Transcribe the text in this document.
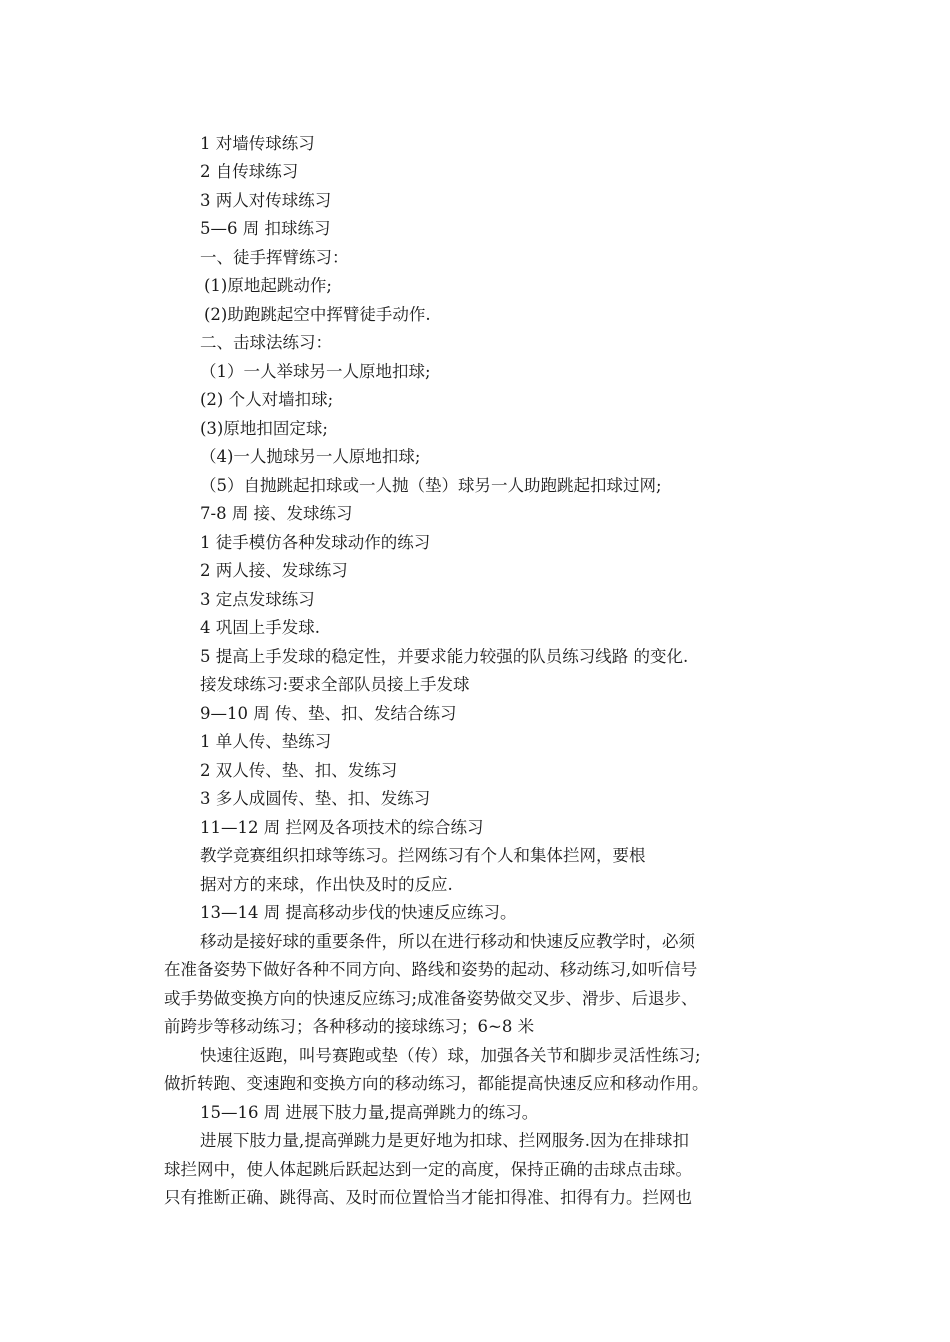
1 对墙传球练习
2 自传球练习
3 两人对传球练习
5—6 周 扣球练习
一、徒手挥臂练习：
(1)原地起跳动作;
(2)助跑跳起空中挥臂徒手动作.
二、击球法练习：
（1）一人举球另一人原地扣球;
(2) 个人对墙扣球;
(3)原地扣固定球;
（4)一人抛球另一人原地扣球;
（5）自抛跳起扣球或一人抛（垫）球另一人助跑跳起扣球过网;
7-8 周 接、发球练习
1 徒手模仿各种发球动作的练习
2 两人接、发球练习
3 定点发球练习
4 巩固上手发球.
5 提高上手发球的稳定性，并要求能力较强的队员练习线路 的变化.
接发球练习:要求全部队员接上手发球
9—10 周 传、垫、扣、发结合练习
1 单人传、垫练习
2 双人传、垫、扣、发练习
3 多人成圆传、垫、扣、发练习
11—12 周 拦网及各项技术的综合练习
教学竞赛组织扣球等练习。拦网练习有个人和集体拦网，要根
据对方的来球，作出快及时的反应.
13—14 周 提高移动步伐的快速反应练习。
移动是接好球的重要条件，所以在进行移动和快速反应教学时，必须
在准备姿势下做好各种不同方向、路线和姿势的起动、移动练习,如听信号
或手势做变换方向的快速反应练习;成准备姿势做交叉步、滑步、后退步、
前跨步等移动练习；各种移动的接球练习；6~8 米
快速往返跑，叫号赛跑或垫（传）球，加强各关节和脚步灵活性练习;
做折转跑、变速跑和变换方向的移动练习，都能提高快速反应和移动作用。
15—16 周 进展下肢力量,提高弹跳力的练习。
进展下肢力量,提高弹跳力是更好地为扣球、拦网服务.因为在排球扣
球拦网中，使人体起跳后跃起达到一定的高度，保持正确的击球点击球。
只有推断正确、跳得高、及时而位置恰当才能扣得准、扣得有力。拦网也
